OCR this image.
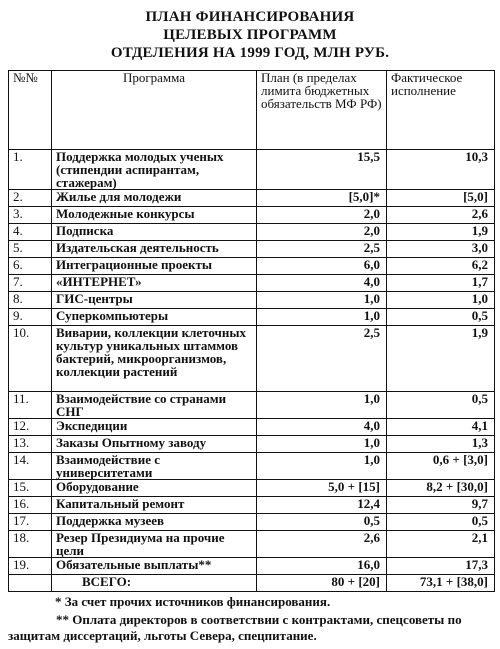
ПЛАН ФИНАНСИРОВАНИЯ
ЦЕЛЕВЫХ ПРОГРАММ
ОТДЕЛЕНИЯ НА 1999 ГОД, МЛН РУБ.
№№	Программа	План (в пределах лимита бюджетных обязательств МФ РФ)	Фактическое исполнение
1.	Поддержка молодых ученых (стипендии аспирантам, стажерам)	15,5	10,3
2.	Жилье для молодежи	[5,0]*	[5,0]
3.	Молодежные конкурсы	2,0	2,6
4.	Подписка	2,0	1,9
5.	Издательская деятельность	2,5	3,0
6.	Интеграционные проекты	6,0	6,2
7.	«ИНТЕРНЕТ»	4,0	1,7
8.	ГИС-центры	1,0	1,0
9.	Суперкомпьютеры	1,0	0,5
10.	Виварии, коллекции клеточных культур уникальных штаммов бактерий, микроорганизмов, коллекции растений	2,5	1,9
11.	Взаимодействие со странами СНГ	1,0	0,5
12.	Экспедиции	4,0	4,1
13.	Заказы Опытному заводу	1,0	1,3
14.	Взаимодействие с университетами	1,0	0,6 + [3,0]
15.	Оборудование	5,0 + [15]	8,2 + [30,0]
16.	Капитальный ремонт	12,4	9,7
17.	Поддержка музеев	0,5	0,5
18.	Резер Президиума на прочие цели	2,6	2,1
19.	Обязательные выплаты**	16,0	17,3
	ВСЕГО:	80 + [20]	73,1 + [38,0]
* За счет прочих источников финансирования.
** Оплата директоров в соответствии с контрактами, спецсоветы по защитам диссертаций, льготы Севера, спецпитание.
